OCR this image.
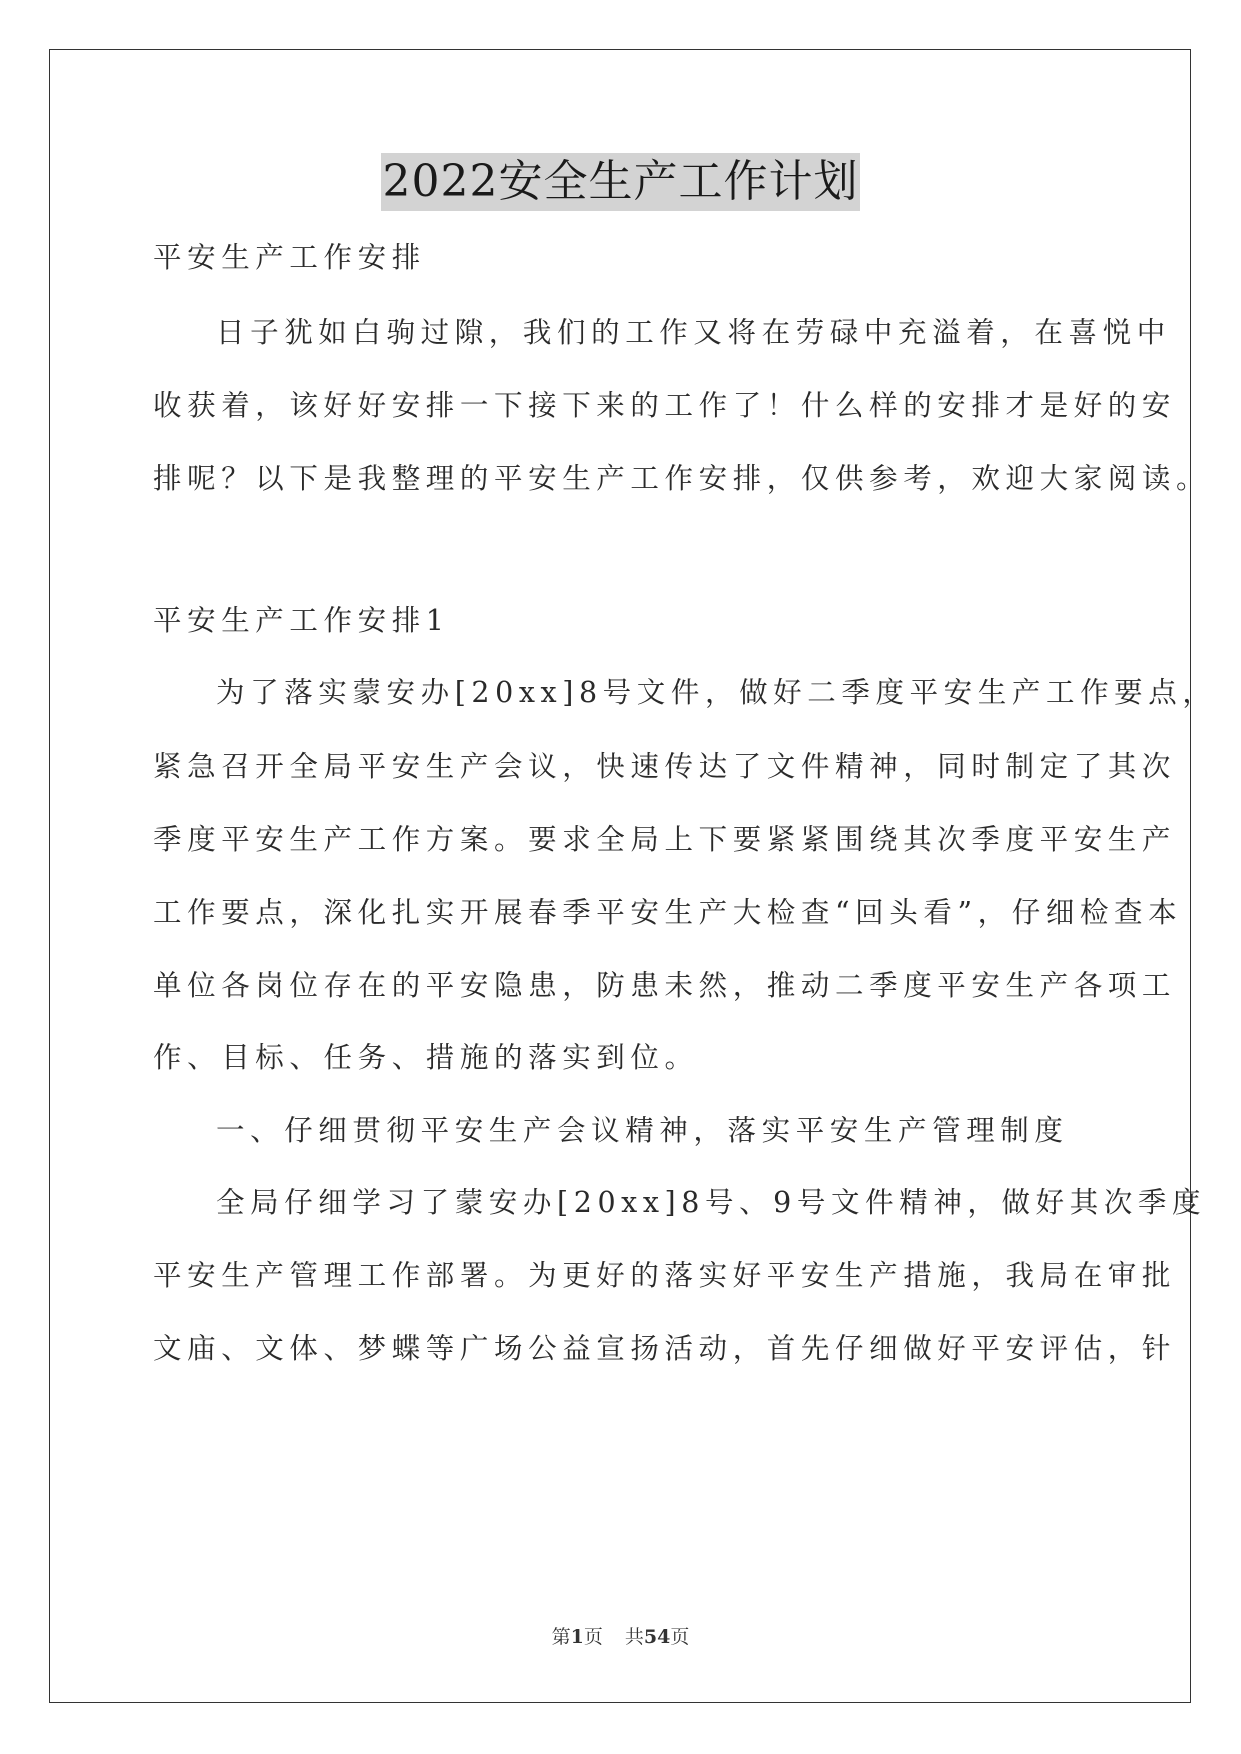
2022安全生产工作计划

平安生产工作安排

日子犹如白驹过隙，我们的工作又将在劳碌中充溢着，在喜悦中

收获着，该好好安排一下接下来的工作了！什么样的安排才是好的安

排呢？以下是我整理的平安生产工作安排，仅供参考，欢迎大家阅读。

平安生产工作安排1

为了落实蒙安办[20xx]8号文件，做好二季度平安生产工作要点，

紧急召开全局平安生产会议，快速传达了文件精神，同时制定了其次

季度平安生产工作方案。要求全局上下要紧紧围绕其次季度平安生产

工作要点，深化扎实开展春季平安生产大检查“回头看”，仔细检查本

单位各岗位存在的平安隐患，防患未然，推动二季度平安生产各项工

作、目标、任务、措施的落实到位。

一、仔细贯彻平安生产会议精神，落实平安生产管理制度

全局仔细学习了蒙安办[20xx]8号、9号文件精神，做好其次季度

平安生产管理工作部署。为更好的落实好平安生产措施，我局在审批

文庙、文体、梦蝶等广场公益宣扬活动，首先仔细做好平安评估，针

第1页 共54页
